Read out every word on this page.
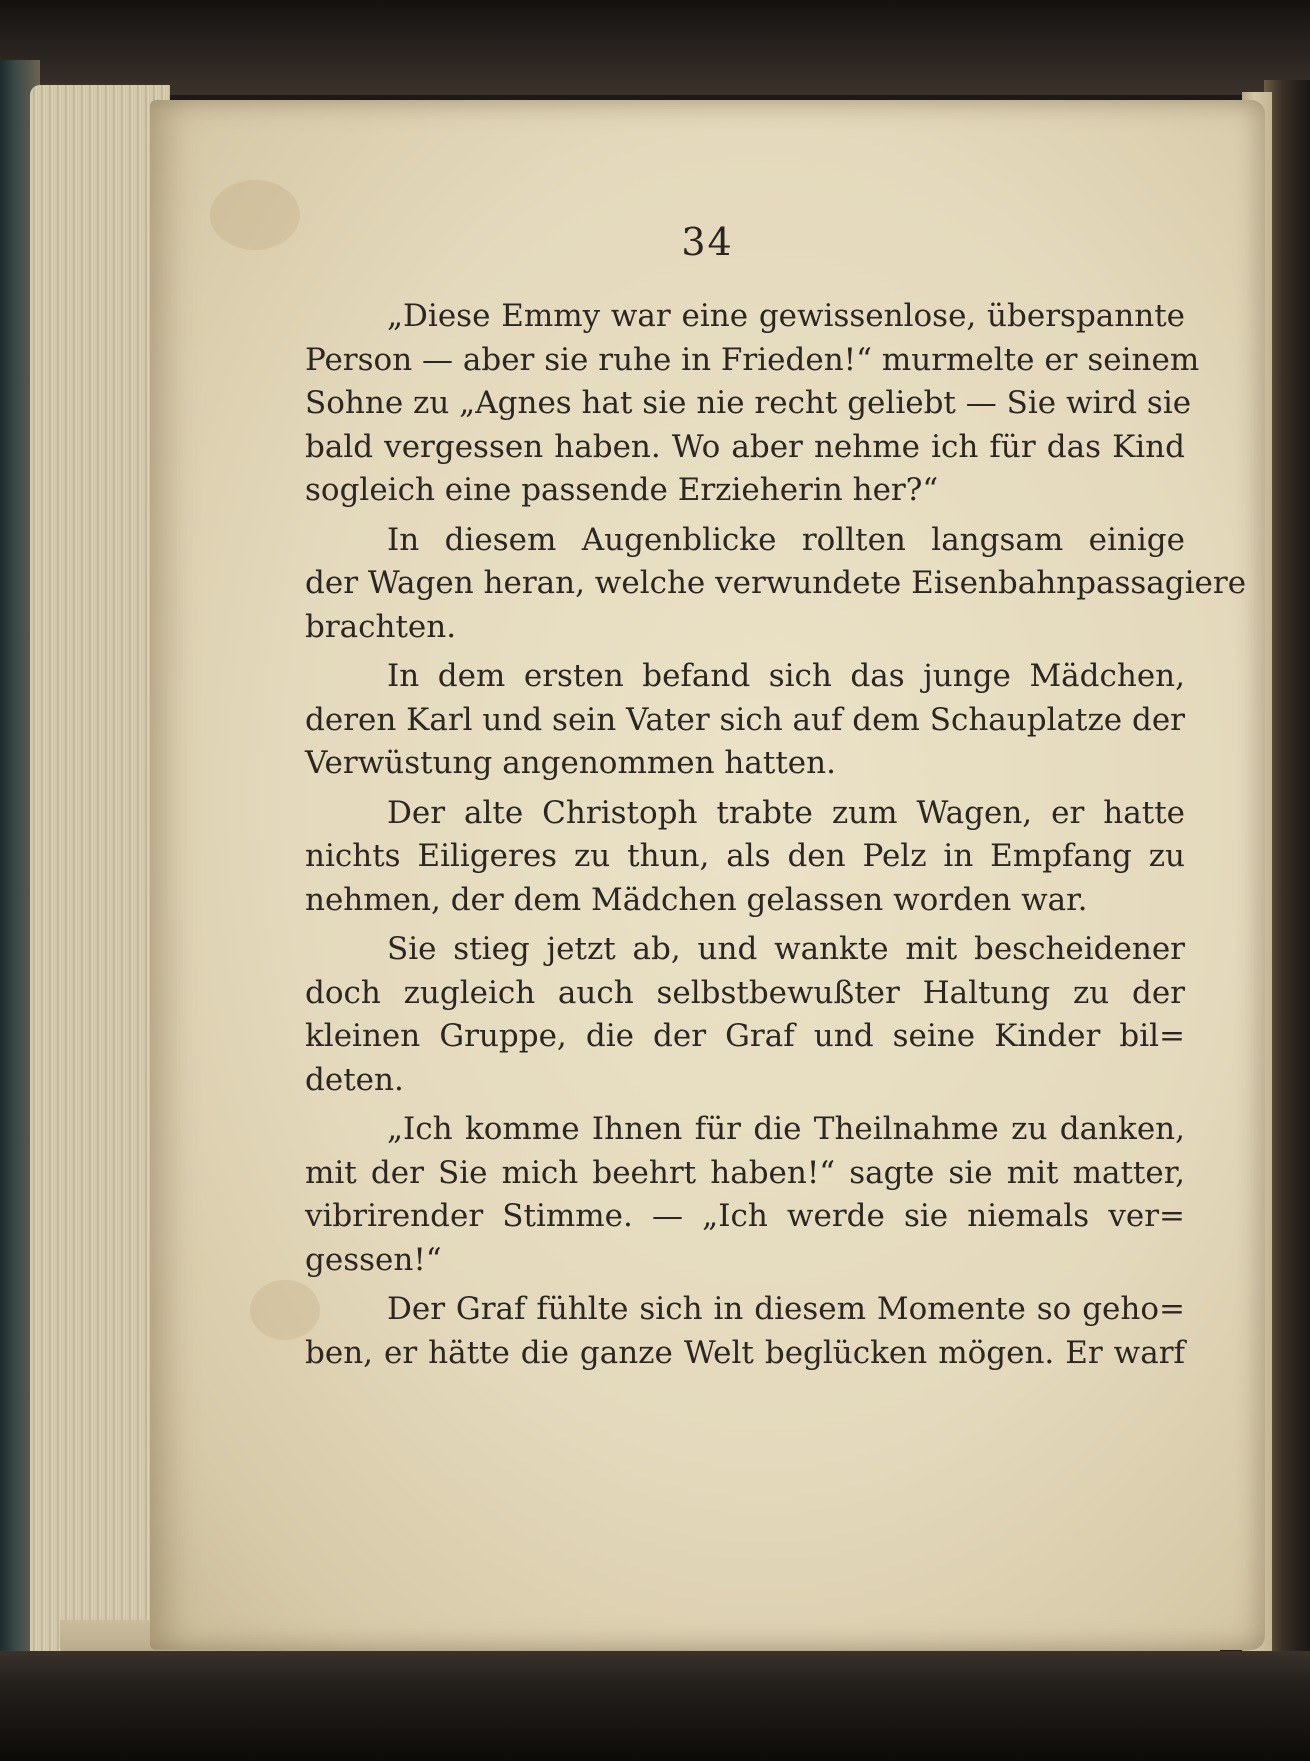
34
„Diese Emmy war eine gewissenlose, überspannte
Person — aber sie ruhe in Frieden!“ murmelte er seinem
Sohne zu „Agnes hat sie nie recht geliebt — Sie wird sie
bald vergessen haben. Wo aber nehme ich für das Kind
sogleich eine passende Erzieherin her?“
In diesem Augenblicke rollten langsam einige
der Wagen heran, welche verwundete Eisenbahnpassagiere
brachten.
In dem ersten befand sich das junge Mädchen,
deren Karl und sein Vater sich auf dem Schauplatze der
Verwüstung angenommen hatten.
Der alte Christoph trabte zum Wagen, er hatte
nichts Eiligeres zu thun, als den Pelz in Empfang zu
nehmen, der dem Mädchen gelassen worden war.
Sie stieg jetzt ab, und wankte mit bescheidener
doch zugleich auch selbstbewußter Haltung zu der
kleinen Gruppe, die der Graf und seine Kinder bil=
deten.
„Ich komme Ihnen für die Theilnahme zu danken,
mit der Sie mich beehrt haben!“ sagte sie mit matter,
vibrirender Stimme. — „Ich werde sie niemals ver=
gessen!“
Der Graf fühlte sich in diesem Momente so geho=
ben, er hätte die ganze Welt beglücken mögen. Er warf
